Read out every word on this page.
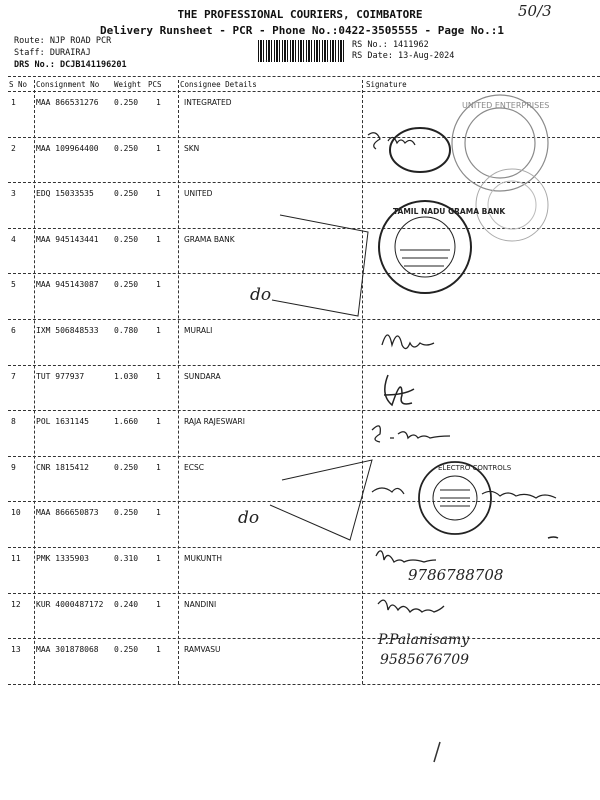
THE PROFESSIONAL COURIERS, COIMBATORE
Delivery Runsheet - PCR - Phone No.:0422-3505555 - Page No.:1
Route: NJP ROAD PCR
Staff: DURAIRAJ
DRS No.: DCJB141196201
RS No.: 1411962
RS Date: 13-Aug-2024
50/3
S No Consignment No Weight PCS Consignee Details	Signature
1	MAA 866531276 0.250 1	INTEGRATED
2	MAA 109964400 0.250 1	SKN
3	EDQ 15033535	0.250 1	UNITED
4	MAA 945143441 0.250 1	GRAMA BANK
5	MAA 945143087 0.250 1
6	IXM 506848533 0.780 1	MURALI
7	TUT 977937	1.030 1	SUNDARA
8	POL 1631145	1.660 1	RAJA RAJESWARI
9	CNR 1815412	0.250 1	ECSC
10 MAA 866650873 0.250 1
11 PMK 1335903	0.310 1	MUKUNTH
12 KUR 4000487172 0.240 1	NANDINI
13 MAA 301878068 0.250 1	RAMVASU
UNITED ENTERPRISES
TAMIL NADU GRAMA BANK
ELECTRO CONTROLS
do
do
9786788708
P.Palanisamy
9585676709
